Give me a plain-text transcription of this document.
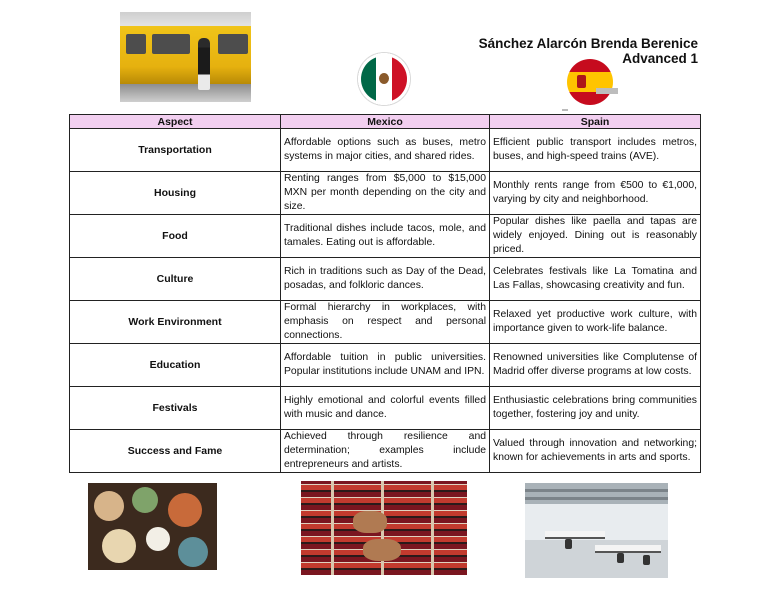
Sánchez Alarcón Brenda Berenice
Advanced 1
Aspect	Mexico	Spain
Transportation	Affordable options such as buses, metro systems in major cities, and shared rides.	Efficient public transport includes metros, buses, and high-speed trains (AVE).
Housing	Renting ranges from $5,000 to $15,000 MXN per month depending on the city and size.	Monthly rents range from €500 to €1,000, varying by city and neighborhood.
Food	Traditional dishes include tacos, mole, and tamales. Eating out is affordable.	Popular dishes like paella and tapas are widely enjoyed. Dining out is reasonably priced.
Culture	Rich in traditions such as Day of the Dead, posadas, and folkloric dances.	Celebrates festivals like La Tomatina and Las Fallas, showcasing creativity and fun.
Work Environment	Formal hierarchy in workplaces, with emphasis on respect and personal connections.	Relaxed yet productive work culture, with importance given to work-life balance.
Education	Affordable tuition in public universities. Popular institutions include UNAM and IPN.	Renowned universities like Complutense of Madrid offer diverse programs at low costs.
Festivals	Highly emotional and colorful events filled with music and dance.	Enthusiastic celebrations bring communities together, fostering joy and unity.
Success and Fame	Achieved through resilience and determination; examples include entrepreneurs and artists.	Valued through innovation and networking; known for achievements in arts and sports.
